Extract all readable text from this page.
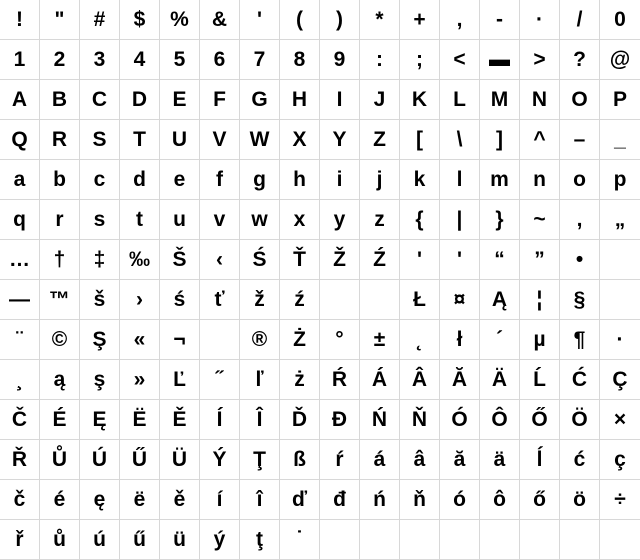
! " # $ % & ' ( ) * + , - · / 0
1 2 3 4 5 6 7 8 9 : ; < ▬ > ? @
A B C D E F G H I J K L M N O P
Q R S T U V W X Y Z [ \ ] ^ – _
a b c d e f g h i j k l m n o p
q r s t u v w x y z { | } ~ , „
… † ‡ ‰ Š ‹ Ś Ť Ž Ź ' ' “ ” •

— ™ š › ś ť ž ź

	Ł ¤ Ą ¦ §

¨ © Ş « ¬	® Ż ° ± ˛ ł ´ µ ¶ ·
¸ ą ş » Ľ ˝ ľ ż Ŕ Á Â Ă Ä Ĺ Ć Ç
Č É Ę Ë Ě Í Î Ď Đ Ń Ň Ó Ô Ő Ö ×
Ř Ů Ú Ű Ü Ý Ţ ß ŕ á â ă ä ĺ ć ç
č é ę ë ě í î ď đ ń ň ó ô ő ö ÷
ř ů ú ű ü ý ţ ˙
